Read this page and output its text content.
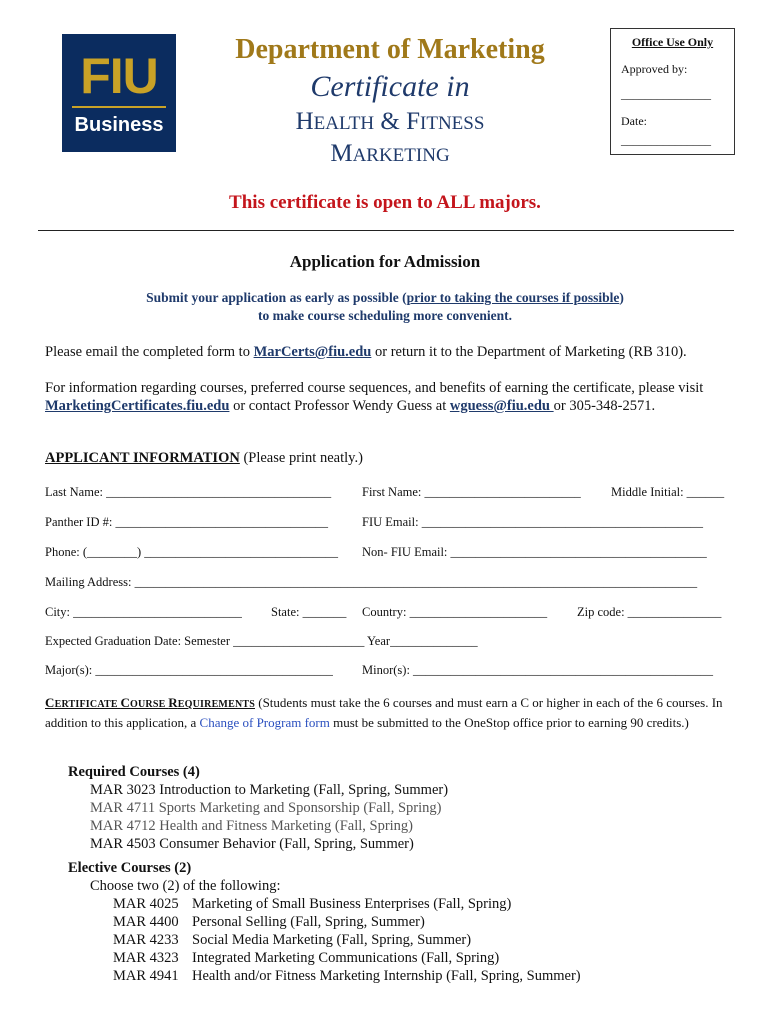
FIU
Business
Department of Marketing
Certificate in
HEALTH & FITNESS
MARKETING
Office Use Only
Approved by:
_______________
Date:
_______________
This certificate is open to ALL majors.
Application for Admission
Submit your application as early as possible (prior to taking the courses if possible)
to make course scheduling more convenient.
Please email the completed form to MarCerts@fiu.edu or return it to the Department of Marketing (RB 310).
For information regarding courses, preferred course sequences, and benefits of earning the certificate, please visit MarketingCertificates.fiu.edu or contact Professor Wendy Guess at wguess@fiu.edu or 305-348-2571.
APPLICANT INFORMATION (Please print neatly.)
Last Name: ____________________________________ First Name: _________________________ Middle Initial: ______
Panther ID #: __________________________________	FIU Email: _____________________________________________
Phone: (________) _______________________________ Non- FIU Email: _________________________________________
Mailing Address: __________________________________________________________________________________________
City: ___________________________ State: _______ Country: ______________________ Zip code: _______________
Expected Graduation Date: Semester _____________________ Year______________
Major(s): ______________________________________ Minor(s): ________________________________________________
CERTIFICATE COURSE REQUIREMENTS (Students must take the 6 courses and must earn a C or higher in each of the 6 courses. In addition to this application, a Change of Program form must be submitted to the OneStop office prior to earning 90 credits.)
Required Courses (4)
MAR 3023 Introduction to Marketing (Fall, Spring, Summer)
MAR 4711 Sports Marketing and Sponsorship (Fall, Spring)
MAR 4712 Health and Fitness Marketing (Fall, Spring)
MAR 4503 Consumer Behavior (Fall, Spring, Summer)
Elective Courses (2)
Choose two (2) of the following:
MAR 4025
MAR 4400
MAR 4233
MAR 4323
MAR 4941
Marketing of Small Business Enterprises (Fall, Spring)
Personal Selling (Fall, Spring, Summer)
Social Media Marketing (Fall, Spring, Summer)
Integrated Marketing Communications (Fall, Spring)
Health and/or Fitness Marketing Internship (Fall, Spring, Summer)
